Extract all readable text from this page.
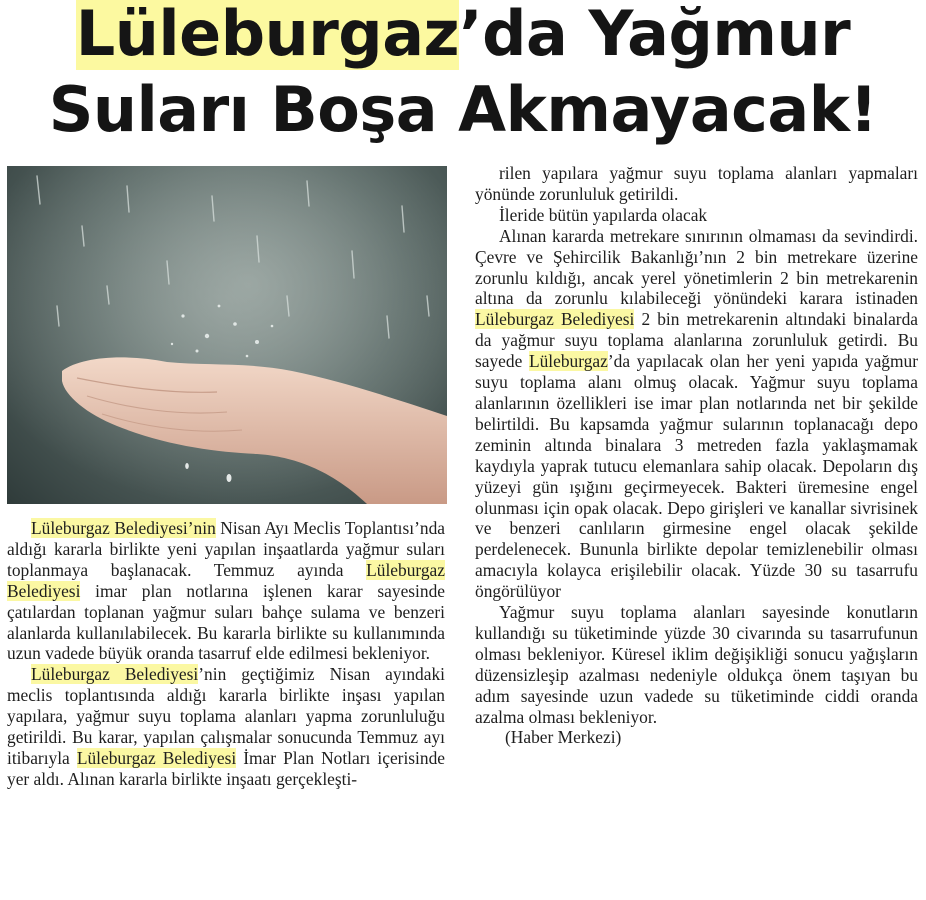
Lüleburgaz’da Yağmur
Suları Boşa Akmayacak!

Lüleburgaz Belediyesi’nin Nisan Ayı Meclis Toplantısı’nda aldığı kararla birlikte yeni yapılan inşaatlarda yağmur suları toplanmaya başlanacak. Temmuz ayında Lüleburgaz Belediyesi imar plan notlarına işlenen karar sayesinde çatılardan toplanan yağmur suları bahçe sulama ve benzeri alanlarda kullanılabilecek. Bu kararla birlikte su kullanımında uzun vadede büyük oranda tasarruf elde edilmesi bekleniyor.

Lüleburgaz Belediyesi’nin geçtiğimiz Nisan ayındaki meclis toplantısında aldığı kararla birlikte inşası yapılan yapılara, yağmur suyu toplama alanları yapma zorunluluğu getirildi. Bu karar, yapılan çalışmalar sonucunda Temmuz ayı itibarıyla Lüleburgaz Belediyesi İmar Plan Notları içerisinde yer aldı. Alınan kararla birlikte inşaatı gerçekleşti-

rilen yapılara yağmur suyu toplama alanları yapmaları yönünde zorunluluk getirildi.

İleride bütün yapılarda olacak

Alınan kararda metrekare sınırının olmaması da sevindirdi. Çevre ve Şehircilik Bakanlığı’nın 2 bin metrekare üzerine zorunlu kıldığı, ancak yerel yönetimlerin 2 bin metrekarenin altına da zorunlu kılabileceği yönündeki karara istinaden Lüleburgaz Belediyesi 2 bin metrekarenin altındaki binalarda da yağmur suyu toplama alanlarına zorunluluk getirdi. Bu sayede Lüleburgaz’da yapılacak olan her yeni yapıda yağmur suyu toplama alanı olmuş olacak. Yağmur suyu toplama alanlarının özellikleri ise imar plan notlarında net bir şekilde belirtildi. Bu kapsamda yağmur sularının toplanacağı depo zeminin altında binalara 3 metreden fazla yaklaşmamak kaydıyla yaprak tutucu elemanlara sahip olacak. Depoların dış yüzeyi gün ışığını geçirmeyecek. Bakteri üremesine engel olunması için opak olacak. Depo girişleri ve kanallar sivrisinek ve benzeri canlıların girmesine engel olacak şekilde perdelenecek. Bununla birlikte depolar temizlenebilir olması amacıyla kolayca erişilebilir olacak. Yüzde 30 su tasarrufu öngörülüyor

Yağmur suyu toplama alanları sayesinde konutların kullandığı su tüketiminde yüzde 30 civarında su tasarrufunun olması bekleniyor. Küresel iklim değişikliği sonucu yağışların düzensizleşip azalması nedeniyle oldukça önem taşıyan bu adım sayesinde uzun vadede su tüketiminde ciddi oranda azalma olması bekleniyor.

(Haber Merkezi)
